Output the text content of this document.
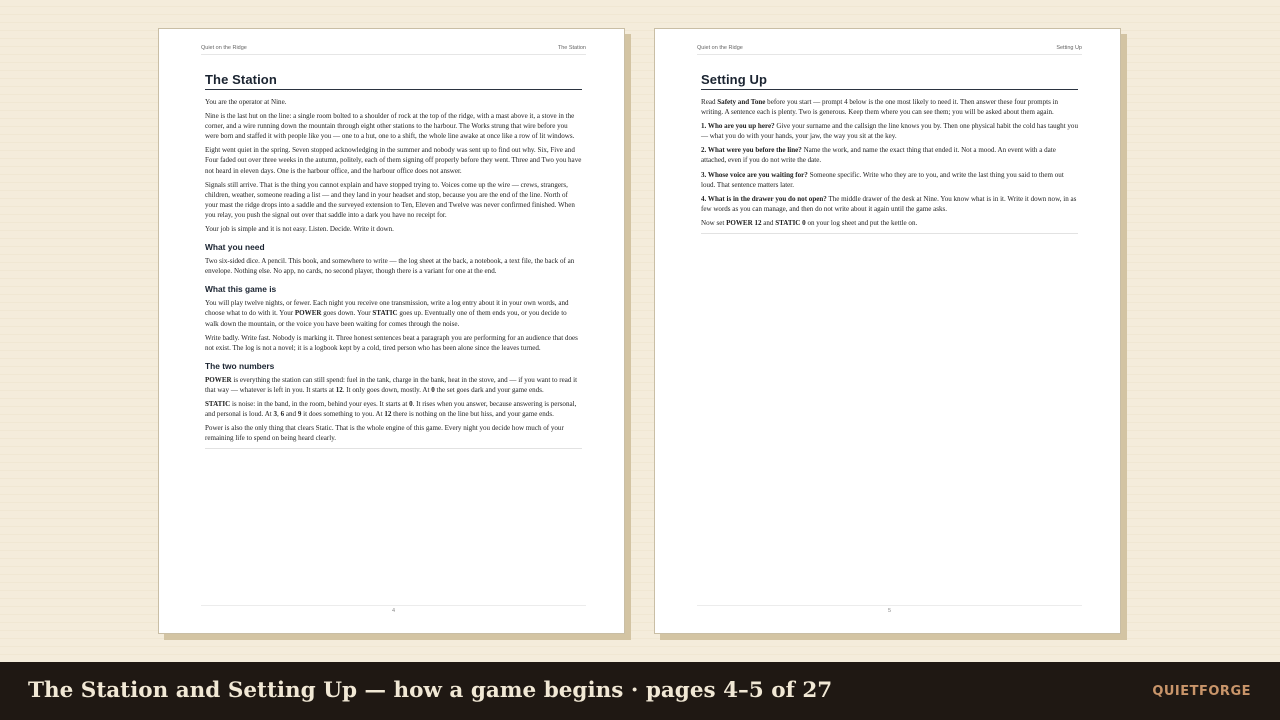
Quiet on the Ridge	The Station
The Station

You are the operator at Nine.

Nine is the last hut on the line: a single room bolted to a shoulder of rock at the top of the ridge, with a mast above it, a stove in the corner, and a wire running down the mountain through eight other stations to the harbour. The Works strung that wire before you were born and staffed it with people like you — one to a hut, one to a shift, the whole line awake at once like a row of lit windows.

Eight went quiet in the spring. Seven stopped acknowledging in the summer and nobody was sent up to find out why. Six, Five and Four faded out over three weeks in the autumn, politely, each of them signing off properly before they went. Three and Two you have not heard in eleven days. One is the harbour office, and the harbour office does not answer.

Signals still arrive. That is the thing you cannot explain and have stopped trying to. Voices come up the wire — crews, strangers, children, weather, someone reading a list — and they land in your headset and stop, because you are the end of the line. North of your mast the ridge drops into a saddle and the surveyed extension to Ten, Eleven and Twelve was never confirmed finished. When you relay, you push the signal out over that saddle into a dark you have no receipt for.

Your job is simple and it is not easy. Listen. Decide. Write it down.

What you need

Two six-sided dice. A pencil. This book, and somewhere to write — the log sheet at the back, a notebook, a text file, the back of an envelope. Nothing else. No app, no cards, no second player, though there is a variant for one at the end.

What this game is

You will play twelve nights, or fewer. Each night you receive one transmission, write a log entry about it in your own words, and choose what to do with it. Your POWER goes down. Your STATIC goes up. Eventually one of them ends you, or you decide to walk down the mountain, or the voice you have been waiting for comes through the noise.

Write badly. Write fast. Nobody is marking it. Three honest sentences beat a paragraph you are performing for an audience that does not exist. The log is not a novel; it is a logbook kept by a cold, tired person who has been alone since the leaves turned.

The two numbers

POWER is everything the station can still spend: fuel in the tank, charge in the bank, heat in the stove, and — if you want to read it that way — whatever is left in you. It starts at 12. It only goes down, mostly. At 0 the set goes dark and your game ends.

STATIC is noise: in the band, in the room, behind your eyes. It starts at 0. It rises when you answer, because answering is personal, and personal is loud. At 3, 6 and 9 it does something to you. At 12 there is nothing on the line but hiss, and your game ends.

Power is also the only thing that clears Static. That is the whole engine of this game. Every night you decide how much of your remaining life to spend on being heard clearly.

4
Quiet on the Ridge	Setting Up
Setting Up

Read Safety and Tone before you start — prompt 4 below is the one most likely to need it. Then answer these four prompts in writing. A sentence each is plenty. Two is generous. Keep them where you can see them; you will be asked about them again.

1. Who are you up here? Give your surname and the callsign the line knows you by. Then one physical habit the cold has taught you — what you do with your hands, your jaw, the way you sit at the key.

2. What were you before the line? Name the work, and name the exact thing that ended it. Not a mood. An event with a date attached, even if you do not write the date.

3. Whose voice are you waiting for? Someone specific. Write who they are to you, and write the last thing you said to them out loud. That sentence matters later.

4. What is in the drawer you do not open? The middle drawer of the desk at Nine. You know what is in it. Write it down now, in as few words as you can manage, and then do not write about it again until the game asks.

Now set POWER 12 and STATIC 0 on your log sheet and put the kettle on.

5
The Station and Setting Up — how a game begins · pages 4–5 of 27	QUIETFORGE
